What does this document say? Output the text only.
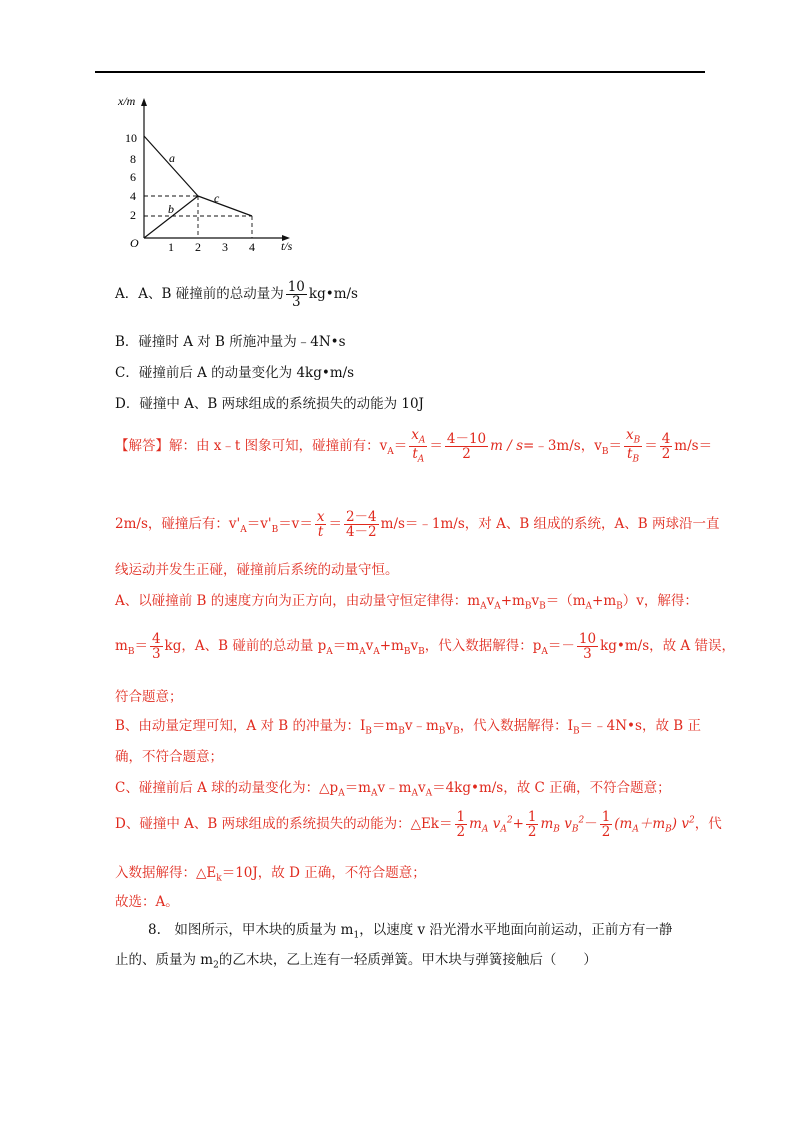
x/m
t/s
O
10
8
6
4
2
1 2 3 4
a
b
c
A．A、B 碰撞前的总动量为 $\frac{10}{3}$ kg•m/s
B．碰撞时 A 对 B 所施冲量为﹣4N•s
C．碰撞前后 A 的动量变化为 4kg•m/s
D．碰撞中 A、B 两球组成的系统损失的动能为 10J
【解答】解：由 x﹣t 图象可知，碰撞前有：$v_A= \frac{x_A}{t_A} = \frac{4-10}{2}$ m / s=﹣3m/s，$v_B= \frac{x_B}{t_B} = \frac{4}{2} m/s=$
2m/s，碰撞后有：$v'_A=v'_B=v= \frac{x}{t} = \frac{2-4}{4-2}$ m/s＝﹣1m/s，对 A、B 组成的系统，A、B 两球沿一直
线运动并发生正碰，碰撞前后系统的动量守恒。
A、以碰撞前 B 的速度方向为正方向，由动量守恒定律得：$m_Av_A+m_Bv_B=(m_A+m_B)v$，解得：
$m_B= \frac{4}{3}$ kg，A、B 碰前的总动量 $p_A=m_Av_A+m_Bv_B$，代入数据解得：$p_A=- \frac{10}{3}$ kg•m/s，故 A 错误，
符合题意；
B、由动量定理可知，A 对 B 的冲量为：$I_B=m_Bv﹣m_Bv_B$，代入数据解得：$I_B=﹣4N•s$，故 B 正
确，不符合题意；
C、碰撞前后 A 球的动量变化为：$\triangle p_A=m_Av﹣m_Av_A=4kg•m/s$，故 C 正确，不符合题意；
D、碰撞中 A、B 两球组成的系统损失的动能为：△Ek＝ $\frac{1}{2} m_A$ $v_A^2+ \frac{1}{2} m_B$ $v_B^2- \frac{1}{2} (m_A+m_B)$ $v^2$，代
入数据解得：$\triangle E_k=10J$，故 D 正确，不符合题意；
故选：A。
8.　如图所示，甲木块的质量为 $m_1$，以速度 v 沿光滑水平地面向前运动，正前方有一静
止的、质量为 $m_2$的乙木块，乙上连有一轻质弹簧。甲木块与弹簧接触后（　　）
